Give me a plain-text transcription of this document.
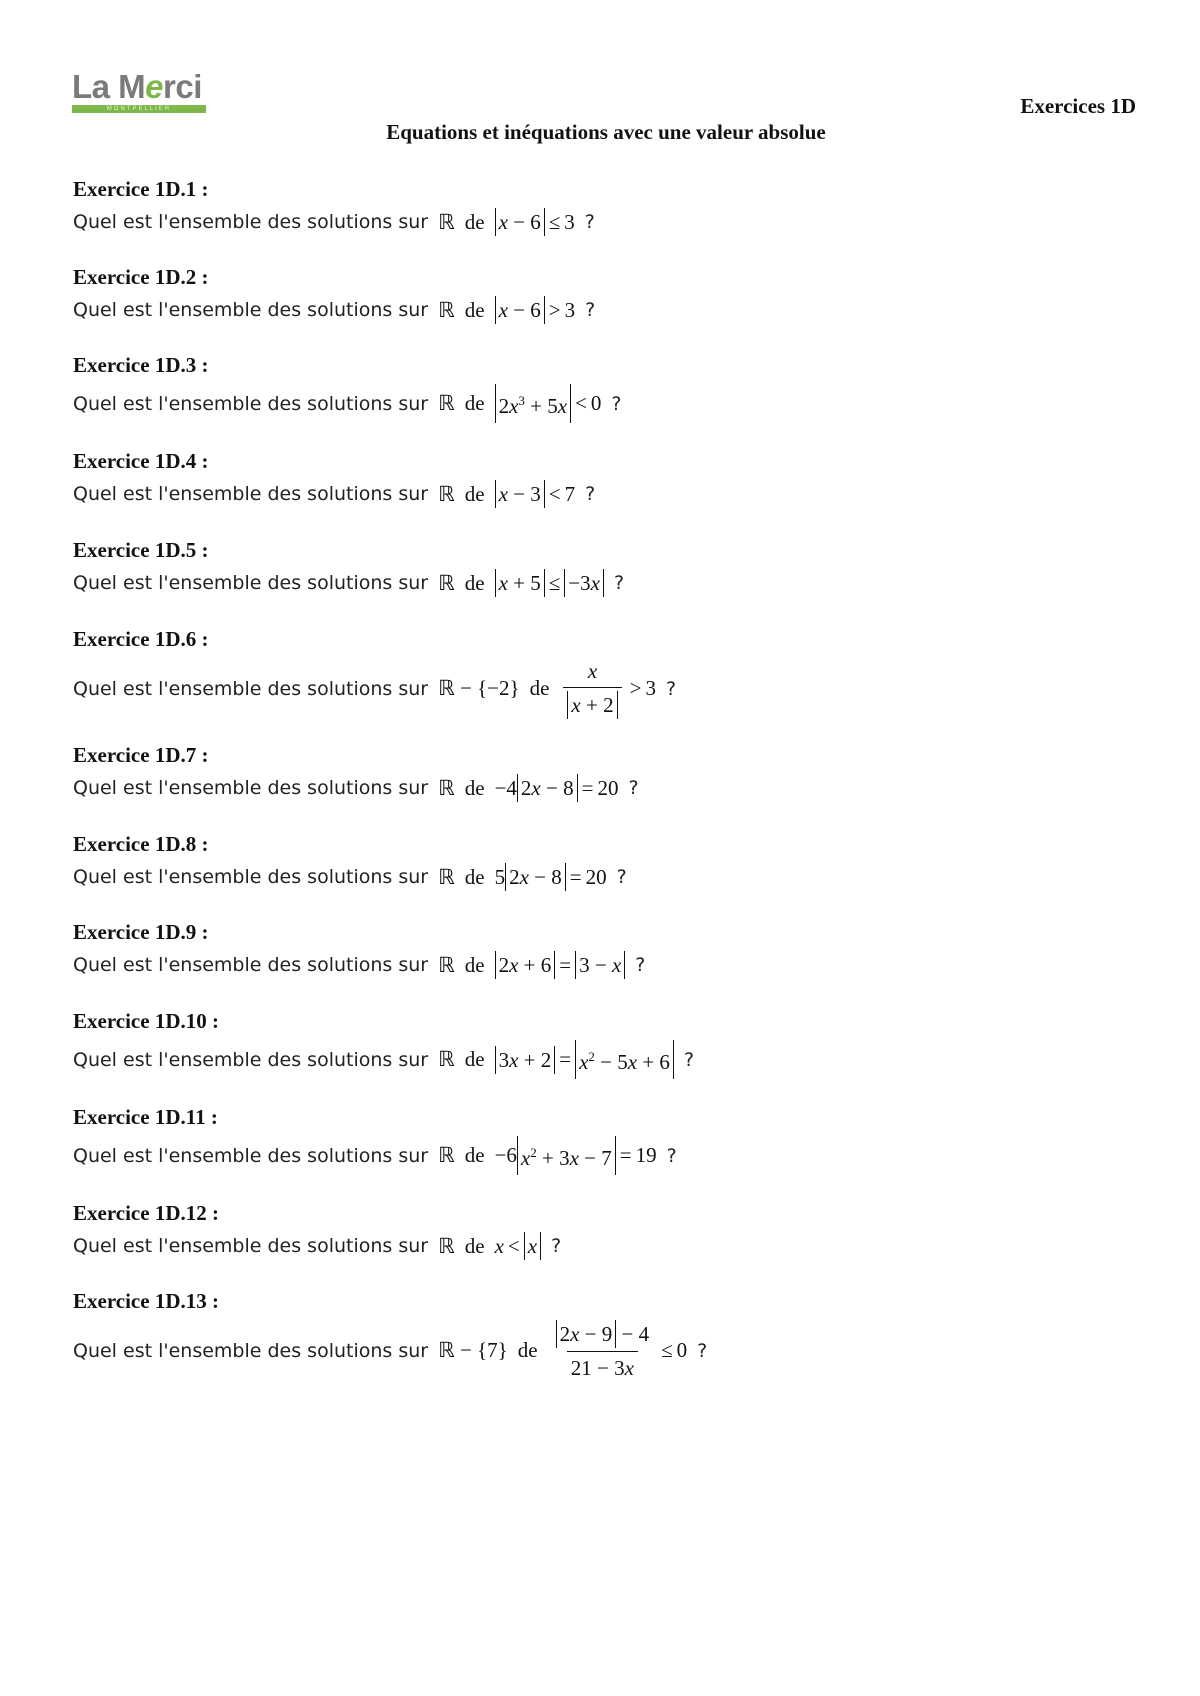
La Merci
MONTPELLIER	Exercices 1D
Equations et inéquations avec une valeur absolue
Exercice 1D.1 :
Quel est l'ensemble des solutions sur ℝ de x − 6 ≤ 3 ?
Exercice 1D.2 :
Quel est l'ensemble des solutions sur ℝ de x − 6 > 3 ?
Exercice 1D.3 :
Quel est l'ensemble des solutions sur ℝ de $2x^3 + 5x < 0$ ?
Exercice 1D.4 :
Quel est l'ensemble des solutions sur ℝ de x − 3 < 7 ?
Exercice 1D.5 :
Quel est l'ensemble des solutions sur ℝ de x + 5 ≤ −3x ?
Exercice 1D.6 :
Quel est l'ensemble des solutions sur ℝ − {−2} de $\frac{x}{x + 2} > 3$ ?
Exercice 1D.7 :
Quel est l'ensemble des solutions sur ℝ de −4 2x − 8 = 20 ?
Exercice 1D.8 :
Quel est l'ensemble des solutions sur ℝ de 5 2x − 8 = 20 ?
Exercice 1D.9 :
Quel est l'ensemble des solutions sur ℝ de 2x + 6 = 3 − x ?
Exercice 1D.10 :
Quel est l'ensemble des solutions sur ℝ de $3x + 2 = x^2 - 5x + 6$ ?
Exercice 1D.11 :
Quel est l'ensemble des solutions sur ℝ de −6 $x^2 + 3x - 7 = 19$ ?
Exercice 1D.12 :
Quel est l'ensemble des solutions sur ℝ de x < x ?
Exercice 1D.13 :
Quel est l'ensemble des solutions sur ℝ − {7} de $\frac{2x - 9 - 4}{21 - 3x} \le 0$ ?
